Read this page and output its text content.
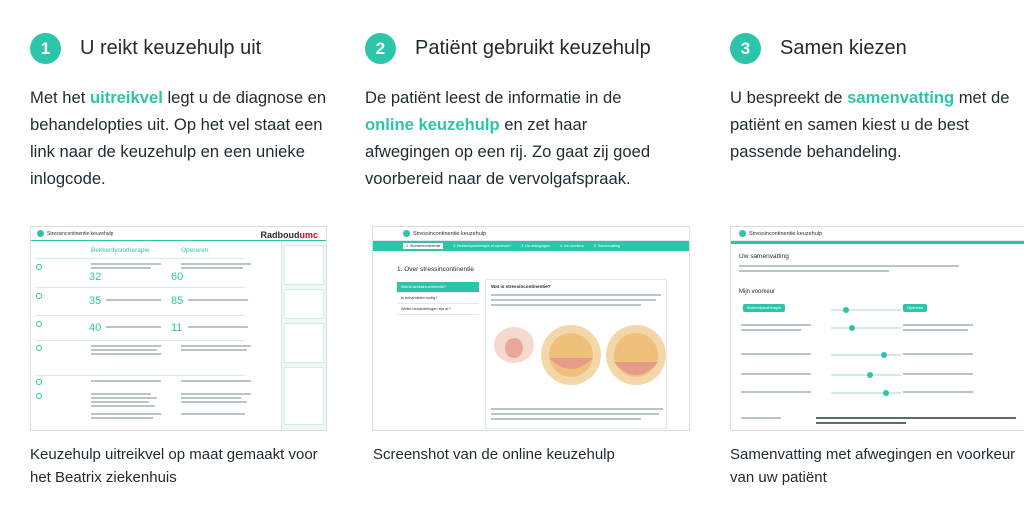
1	U reikt keuzehulp uit
Met het uitreikvel legt u de diagnose en behandelopties uit. Op het vel staat een link naar de keuzehulp en een unieke inlogcode.
Keuzehulp uitreikvel op maat gemaakt voor het Beatrix ziekenhuis
2	Patiënt gebruikt keuzehulp
De patiënt leest de informatie in de online keuzehulp en zet haar afwegingen op een rij. Zo gaat zij goed voorbereid naar de vervolgafspraak.
Screenshot van de online keuzehulp
3	Samen kiezen
U bespreekt de samenvatting met de patiënt en samen kiest u de best passende behandeling.
Samenvatting met afwegingen en voorkeur van uw patiënt
Stressincontinentie keuzehulp	Radboudumc
Bekkenfysiotherapie	Opereren
32	60
35	85
40	11
Stressincontinentie keuzehulp
1. Stressincontinentie	2. Bekkenfysiotherapie of opereren?	3. Uw afwegingen	4. Uw voorkeur	5. Samenvatting
1. Over stressincontinentie
Wat is stressincontinentie?
Is behandelen nodig?
Welke behandelingen zijn er?
Wat is stressincontinentie?
Stressincontinentie keuzehulp
Uw samenvatting
Mijn voorkeur
Bekkenfysiotherapie	Opereren
